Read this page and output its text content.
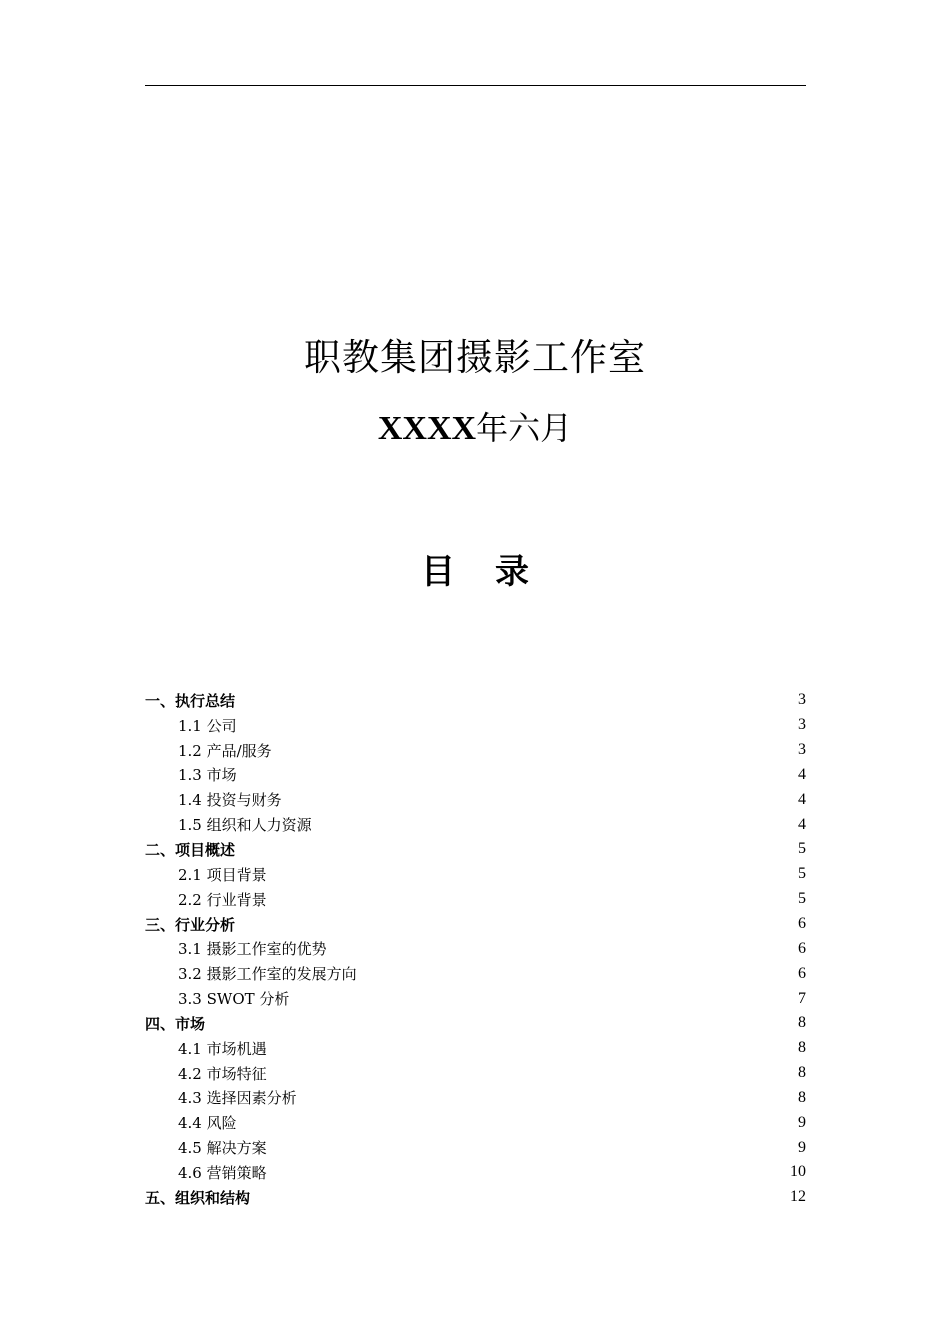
职教集团摄影工作室
XXXX年六月
目录
一、执行总结	3
1.1 公司	3
1.2 产品/服务	3
1.3 市场	4
1.4 投资与财务	4
1.5 组织和人力资源	4
二、项目概述	5
2.1 项目背景	5
2.2 行业背景	5
三、行业分析	6
3.1 摄影工作室的优势	6
3.2 摄影工作室的发展方向	6
3.3 SWOT 分析	7
四、市场	8
4.1 市场机遇	8
4.2 市场特征	8
4.3 选择因素分析	8
4.4 风险	9
4.5 解决方案	9
4.6 营销策略	10
五、组织和结构	12
